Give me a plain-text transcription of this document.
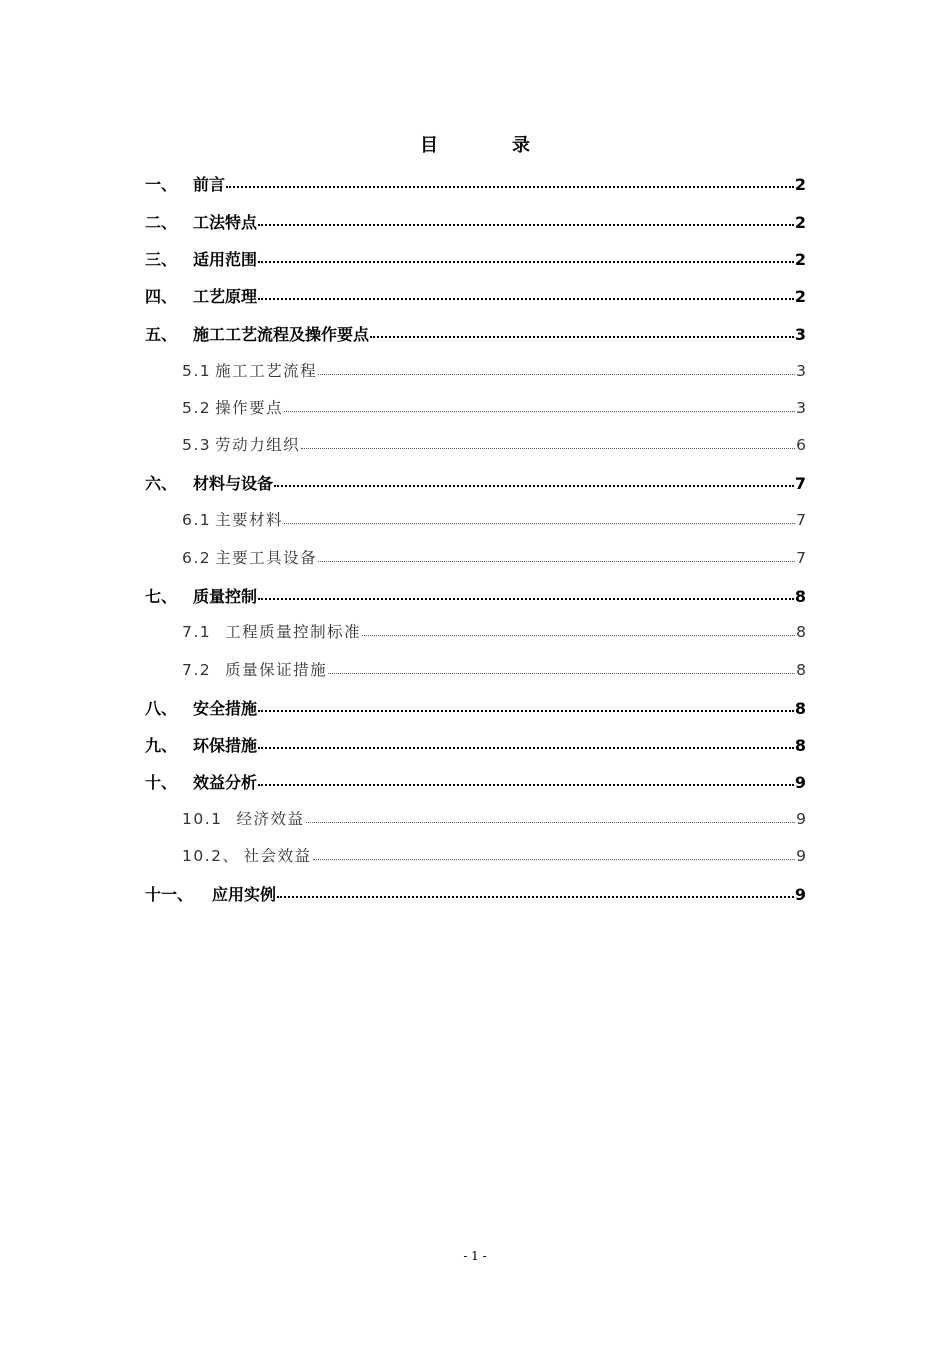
目　录
一、 前言	2
二、 工法特点	2
三、 适用范围	2
四、 工艺原理	2
五、 施工工艺流程及操作要点	3
5.1 施工工艺流程	3
5.2 操作要点	3
5.3 劳动力组织	6
六、 材料与设备	7
6.1 主要材料	7
6.2 主要工具设备	7
七、 质量控制	8
7.1 工程质量控制标准	8
7.2 质量保证措施	8
八、 安全措施	8
九、 环保措施	8
十、 效益分析	9
10.1 经济效益	9
10.2、 社会效益	9
十一、	应用实例	9
- 1 -
